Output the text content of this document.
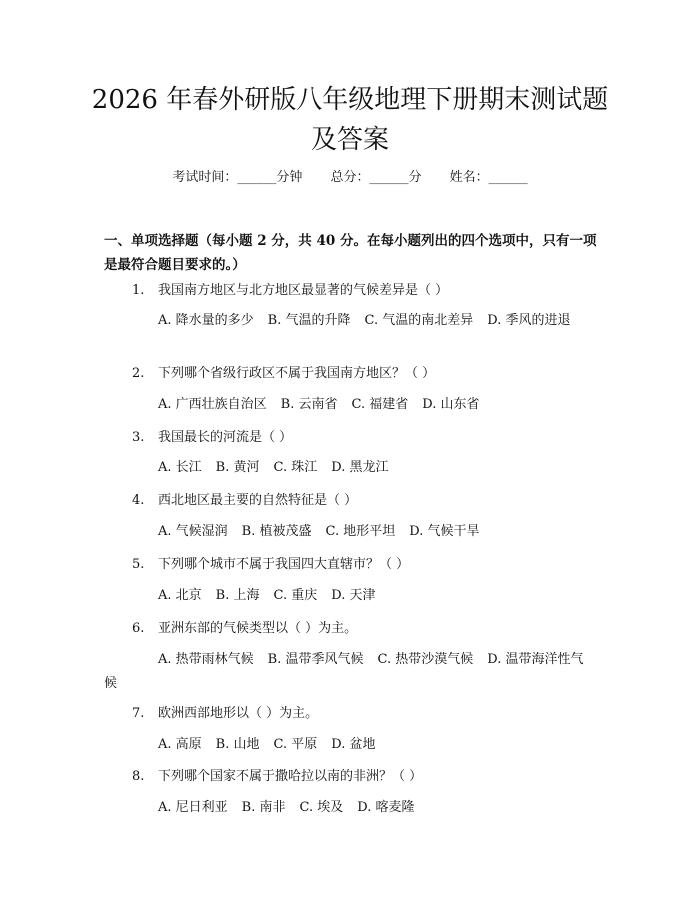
2026 年春外研版八年级地理下册期末测试题
及答案
考试时间：______分钟 总分：______分 姓名：______
一、单项选择题（每小题 2 分，共 40 分。在每小题列出的四个选项中，只有一项是最符合题目要求的。）
1. 我国南方地区与北方地区最显著的气候差异是（ ）
A. 降水量的多少 B. 气温的升降 C. 气温的南北差异 D. 季风的进退
2. 下列哪个省级行政区不属于我国南方地区？（ ）
A. 广西壮族自治区 B. 云南省 C. 福建省 D. 山东省
3. 我国最长的河流是（ ）
A. 长江 B. 黄河 C. 珠江 D. 黑龙江
4. 西北地区最主要的自然特征是（ ）
A. 气候湿润 B. 植被茂盛 C. 地形平坦 D. 气候干旱
5. 下列哪个城市不属于我国四大直辖市？（ ）
A. 北京 B. 上海 C. 重庆 D. 天津
6. 亚洲东部的气候类型以（ ）为主。
A. 热带雨林气候 B. 温带季风气候 C. 热带沙漠气候 D. 温带海洋性气候
7. 欧洲西部地形以（ ）为主。
A. 高原 B. 山地 C. 平原 D. 盆地
8. 下列哪个国家不属于撒哈拉以南的非洲？（ ）
A. 尼日利亚 B. 南非 C. 埃及 D. 喀麦隆
